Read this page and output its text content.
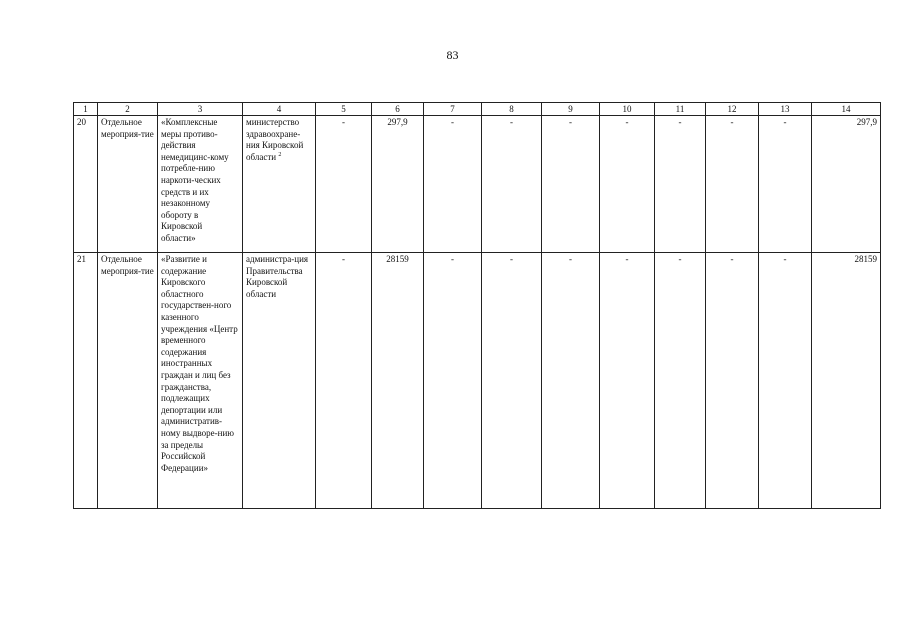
83
1	2	3	4	5	6	7	8	9	10	11	12	13	14
20	Отдельное мероприя-тие	«Комплексные меры противо-действия немедицинс-кому потребле-нию наркоти-ческих средств и их незаконному обороту в Кировской области»	министерство здравоохране-ния Кировской области $^2$	-	297,9	-	-	-	-	-	-	-	297,9
21	Отдельное мероприя-тие	«Развитие и содержание Кировского областного государствен-ного казенного учреждения «Центр временного содержания иностранных граждан и лиц без гражданства, подлежащих депортации или административ-ному выдворе-нию за пределы Российской Федерации»	администра-ция Правительства Кировской области	-	28159	-	-	-	-	-	-	-	28159
